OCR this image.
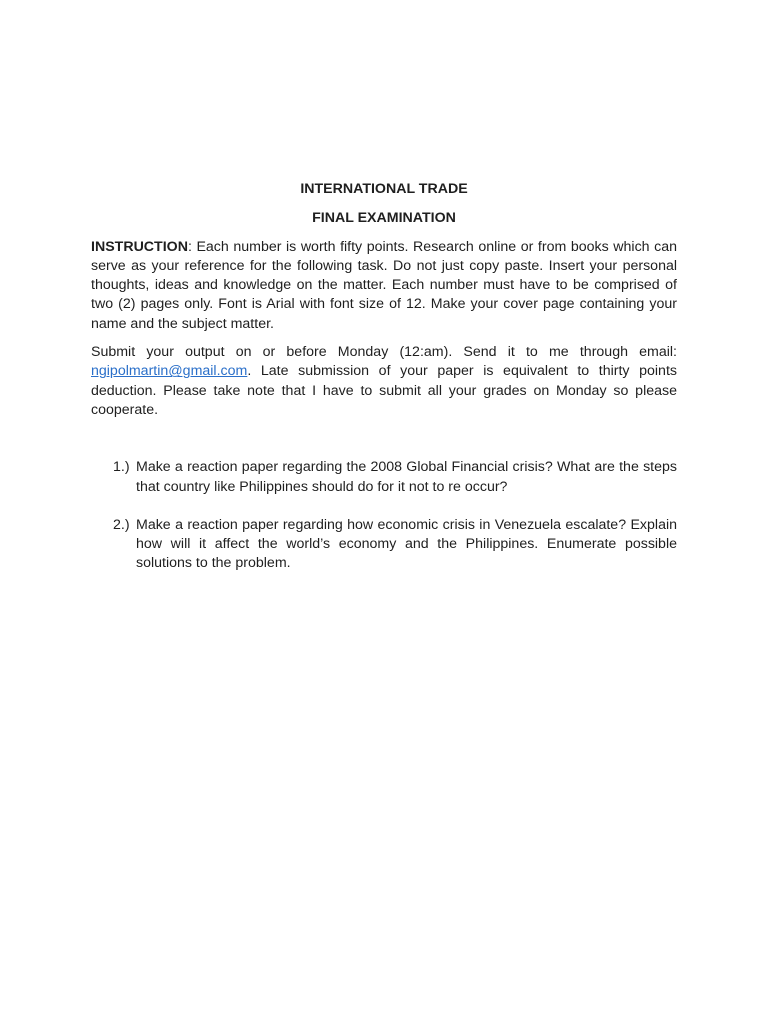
INTERNATIONAL TRADE

FINAL EXAMINATION

INSTRUCTION: Each number is worth fifty points. Research online or from books which can serve as your reference for the following task. Do not just copy paste. Insert your personal thoughts, ideas and knowledge on the matter. Each number must have to be comprised of two (2) pages only. Font is Arial with font size of 12. Make your cover page containing your name and the subject matter.

Submit your output on or before Monday (12:am). Send it to me through email: ngipolmartin@gmail.com. Late submission of your paper is equivalent to thirty points deduction. Please take note that I have to submit all your grades on Monday so please cooperate.

1.) Make a reaction paper regarding the 2008 Global Financial crisis? What are the steps that country like Philippines should do for it not to re occur?
2.) Make a reaction paper regarding how economic crisis in Venezuela escalate? Explain how will it affect the world’s economy and the Philippines. Enumerate possible solutions to the problem.
